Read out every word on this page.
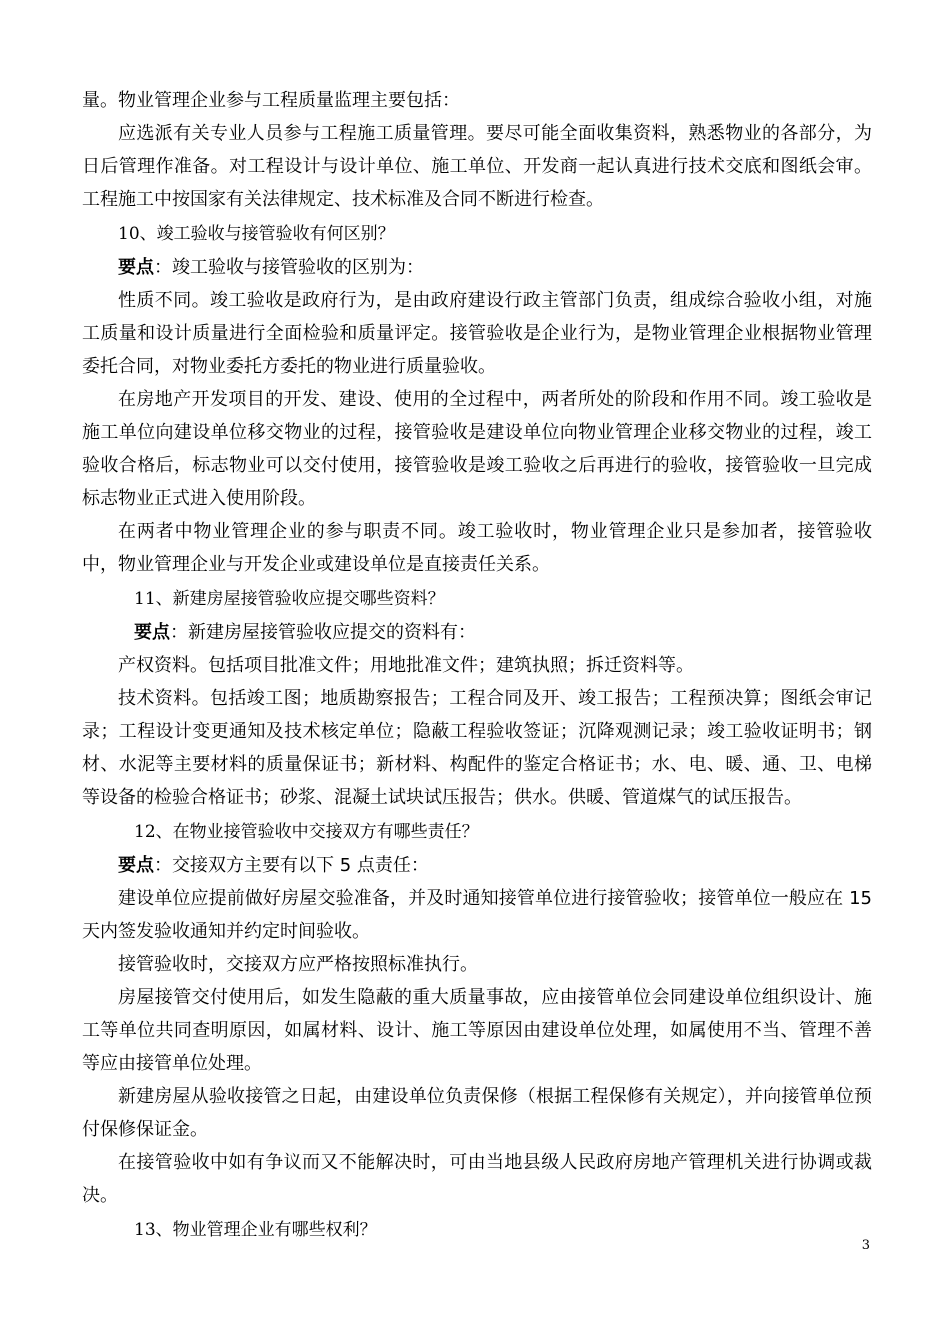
量。物业管理企业参与工程质量监理主要包括：

应选派有关专业人员参与工程施工质量管理。要尽可能全面收集资料，熟悉物业的各部分，为日后管理作准备。对工程设计与设计单位、施工单位、开发商一起认真进行技术交底和图纸会审。工程施工中按国家有关法律规定、技术标准及合同不断进行检查。

10、竣工验收与接管验收有何区别？

要点：竣工验收与接管验收的区别为：

性质不同。竣工验收是政府行为，是由政府建设行政主管部门负责，组成综合验收小组，对施工质量和设计质量进行全面检验和质量评定。接管验收是企业行为，是物业管理企业根据物业管理委托合同，对物业委托方委托的物业进行质量验收。

在房地产开发项目的开发、建设、使用的全过程中，两者所处的阶段和作用不同。竣工验收是施工单位向建设单位移交物业的过程，接管验收是建设单位向物业管理企业移交物业的过程，竣工验收合格后，标志物业可以交付使用，接管验收是竣工验收之后再进行的验收，接管验收一旦完成标志物业正式进入使用阶段。

在两者中物业管理企业的参与职责不同。竣工验收时，物业管理企业只是参加者，接管验收中，物业管理企业与开发企业或建设单位是直接责任关系。

11、新建房屋接管验收应提交哪些资料？

要点：新建房屋接管验收应提交的资料有：

产权资料。包括项目批准文件；用地批准文件；建筑执照；拆迁资料等。

技术资料。包括竣工图；地质勘察报告；工程合同及开、竣工报告；工程预决算；图纸会审记录；工程设计变更通知及技术核定单位；隐蔽工程验收签证；沉降观测记录；竣工验收证明书；钢材、水泥等主要材料的质量保证书；新材料、构配件的鉴定合格证书；水、电、暖、通、卫、电梯等设备的检验合格证书；砂浆、混凝土试块试压报告；供水。供暖、管道煤气的试压报告。

12、在物业接管验收中交接双方有哪些责任？

要点：交接双方主要有以下 5 点责任：

建设单位应提前做好房屋交验准备，并及时通知接管单位进行接管验收；接管单位一般应在 15 天内签发验收通知并约定时间验收。

接管验收时，交接双方应严格按照标准执行。

房屋接管交付使用后，如发生隐蔽的重大质量事故，应由接管单位会同建设单位组织设计、施工等单位共同查明原因，如属材料、设计、施工等原因由建设单位处理，如属使用不当、管理不善等应由接管单位处理。

新建房屋从验收接管之日起，由建设单位负责保修（根据工程保修有关规定），并向接管单位预付保修保证金。

在接管验收中如有争议而又不能解决时，可由当地县级人民政府房地产管理机关进行协调或裁决。

13、物业管理企业有哪些权利？

3
